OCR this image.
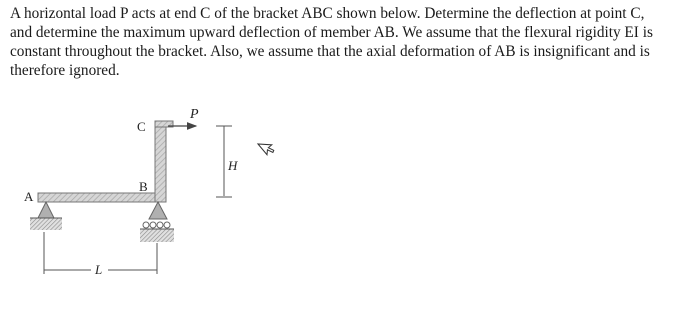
A horizontal load P acts at end C of the bracket ABC shown below. Determine the deflection at point C,
and determine the maximum upward deflection of member AB. We assume that the flexural rigidity EI is
constant throughout the bracket. Also, we assume that the axial deformation of AB is insignificant and is
therefore ignored.

A
B
C
P
H
L
